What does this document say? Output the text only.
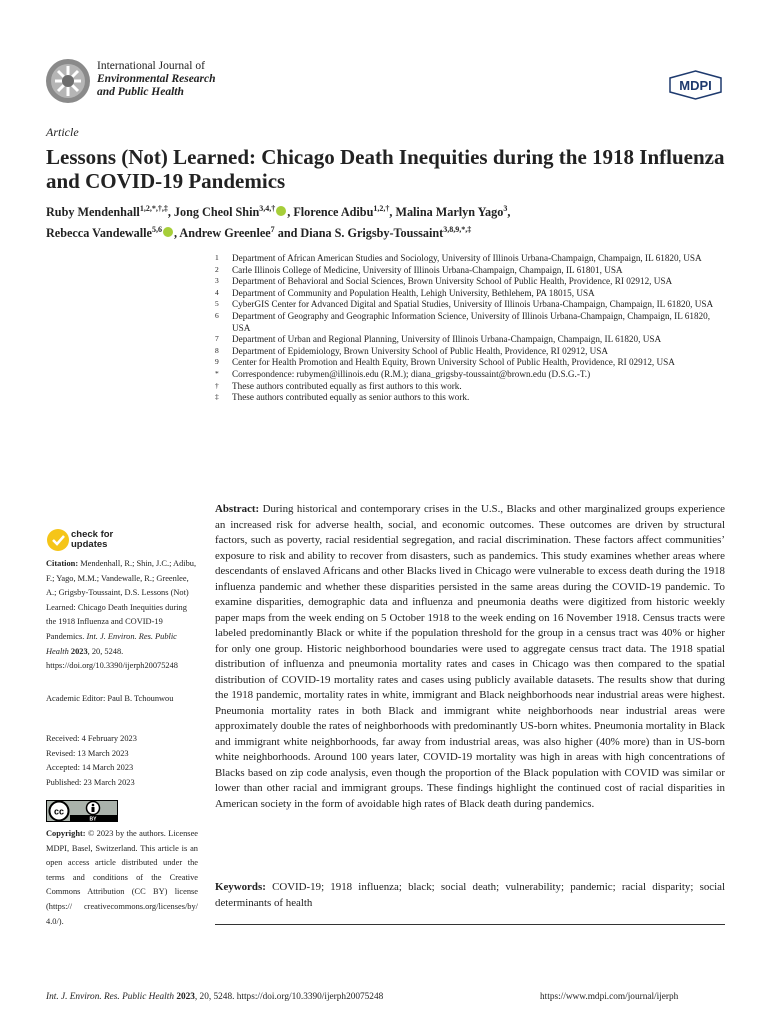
International Journal of
Environmental Research
and Public Health	MDPI
Article
Lessons (Not) Learned: Chicago Death Inequities during the 1918 Influenza and COVID-19 Pandemics
Ruby Mendenhall$^{1,2,*,\dagger,\ddagger}$, Jong Cheol Shin$^{3,4,\dagger}$ , Florence Adibu$^{1,2,\dagger}$, Malina Marlyn Yago$^3$,
Rebecca Vandewalle$^{5,6}$ , Andrew Greenlee$^7$ and Diana S. Grigsby-Toussaint$^{3,8,9,*,\ddagger}$
1 Department of African American Studies and Sociology, University of Illinois Urbana-Champaign, Champaign, IL 61820, USA
2 Carle Illinois College of Medicine, University of Illinois Urbana-Champaign, Champaign, IL 61801, USA
3 Department of Behavioral and Social Sciences, Brown University School of Public Health, Providence, RI 02912, USA
4 Department of Community and Population Health, Lehigh University, Bethlehem, PA 18015, USA
5 CyberGIS Center for Advanced Digital and Spatial Studies, University of Illinois Urbana-Champaign, Champaign, IL 61820, USA
6 Department of Geography and Geographic Information Science, University of Illinois Urbana-Champaign, Champaign, IL 61820, USA
7 Department of Urban and Regional Planning, University of Illinois Urbana-Champaign, Champaign, IL 61820, USA
8 Department of Epidemiology, Brown University School of Public Health, Providence, RI 02912, USA
9 Center for Health Promotion and Health Equity, Brown University School of Public Health, Providence, RI 02912, USA
* Correspondence: rubymen@illinois.edu (R.M.); diana_grigsby-toussaint@brown.edu (D.S.G.-T.)
† These authors contributed equally as first authors to this work.
‡ These authors contributed equally as senior authors to this work.
check for
updates
Citation: Mendenhall, R.; Shin, J.C.; Adibu, F.; Yago, M.M.; Vandewalle, R.; Greenlee, A.; Grigsby-Toussaint, D.S. Lessons (Not) Learned: Chicago Death Inequities during the 1918 Influenza and COVID-19 Pandemics. Int. J. Environ. Res. Public Health 2023, 20, 5248. https://doi.org/10.3390/ijerph20075248
Academic Editor: Paul B. Tchounwou
Received: 4 February 2023
Revised: 13 March 2023
Accepted: 14 March 2023
Published: 23 March 2023
cc
BY
Copyright: © 2023 by the authors. Licensee MDPI, Basel, Switzerland. This article is an open access article distributed under the terms and conditions of the Creative Commons Attribution (CC BY) license (https:// creativecommons.org/licenses/by/ 4.0/).
Abstract: During historical and contemporary crises in the U.S., Blacks and other marginalized groups experience an increased risk for adverse health, social, and economic outcomes. These outcomes are driven by structural factors, such as poverty, racial residential segregation, and racial discrimination. These factors affect communities’ exposure to risk and ability to recover from disasters, such as pandemics. This study examines whether areas where descendants of enslaved Africans and other Blacks lived in Chicago were vulnerable to excess death during the 1918 influenza pandemic and whether these disparities persisted in the same areas during the COVID-19 pandemic. To examine disparities, demographic data and influenza and pneumonia deaths were digitized from historic weekly paper maps from the week ending on 5 October 1918 to the week ending on 16 November 1918. Census tracts were labeled predominantly Black or white if the population threshold for the group in a census tract was 40% or higher for only one group. Historic neighborhood boundaries were used to aggregate census tract data. The 1918 spatial distribution of influenza and pneumonia mortality rates and cases in Chicago was then compared to the spatial distribution of COVID-19 mortality rates and cases using publicly available datasets. The results show that during the 1918 pandemic, mortality rates in white, immigrant and Black neighborhoods near industrial areas were highest. Pneumonia mortality rates in both Black and immigrant white neighborhoods near industrial areas were approximately double the rates of neighborhoods with predominantly US-born whites. Pneumonia mortality in Black and immigrant white neighborhoods, far away from industrial areas, was also higher (40% more) than in US-born white neighborhoods. Around 100 years later, COVID-19 mortality was high in areas with high concentrations of Blacks based on zip code analysis, even though the proportion of the Black population with COVID was similar or lower than other racial and immigrant groups. These findings highlight the continued cost of racial disparities in American society in the form of avoidable high rates of Black death during pandemics.
Keywords: COVID-19; 1918 influenza; black; social death; vulnerability; pandemic; racial disparity; social determinants of health
Int. J. Environ. Res. Public Health 2023, 20, 5248. https://doi.org/10.3390/ijerph20075248	https://www.mdpi.com/journal/ijerph
